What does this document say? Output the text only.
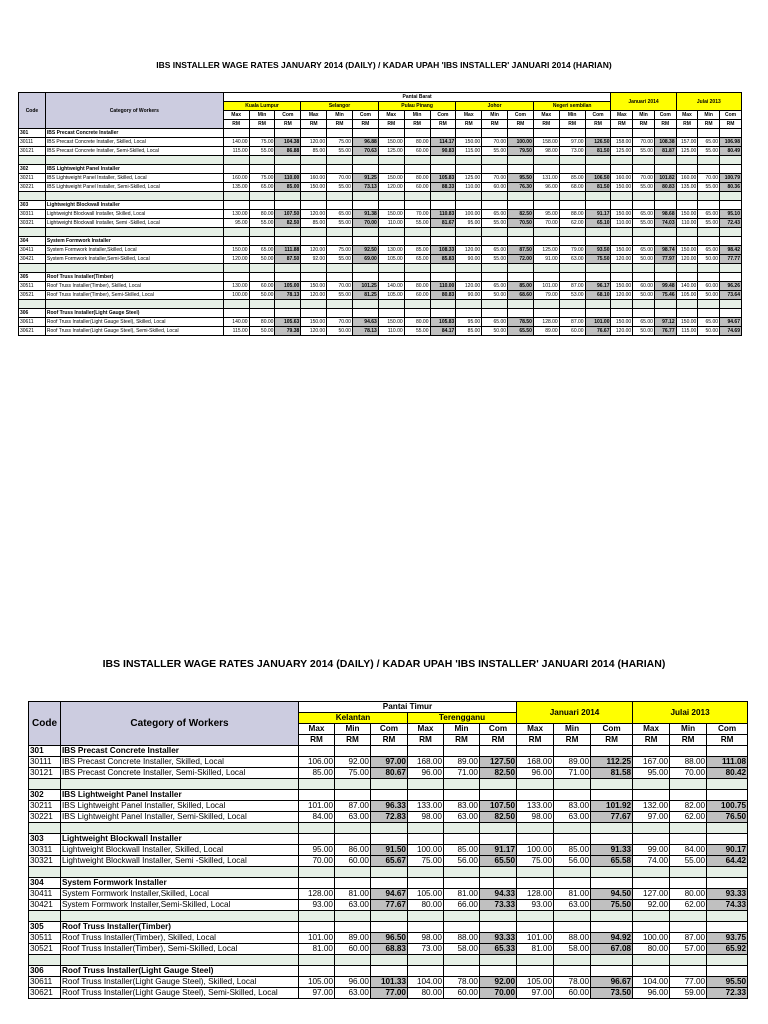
IBS INSTALLER WAGE RATES JANUARY 2014 (DAILY) / KADAR UPAH 'IBS INSTALLER' JANUARI 2014 (HARIAN)
Code	Category of Workers	Pantai Barat															Januari 2014			Julai 2013		
		Kuala Lumpur			Selangor			Pulau Pinang			Johor			Negeri sembilan								
		Max	Min	Com	Max	Min	Com	Max	Min	Com	Max	Min	Com	Max	Min	Com	Max	Min	Com	Max	Min	Com
		RM	RM	RM	RM	RM	RM	RM	RM	RM	RM	RM	RM	RM	RM	RM	RM	RM	RM	RM	RM	RM
301	IBS Precast Concrete Installer																					
30111	IBS Precast Concrete Installer, Skilled, Local	140.00	75.00	104.38	120.00	75.00	96.88	150.00	80.00	114.17	150.00	70.00	100.00	158.00	97.00	126.50	158.00	70.00	108.38	157.00	65.00	106.98
30121	IBS Precast Concrete Installer, Semi-Skilled, Local	115.00	55.00	86.88	85.00	55.00	70.63	125.00	60.00	90.83	115.00	55.00	79.50	98.00	73.00	81.50	125.00	55.00	81.87	125.00	55.00	80.49

302	IBS Lightweight Panel Installer																					
30211	IBS Lightweight Panel Installer, Skilled, Local	160.00	75.00	110.00	160.00	70.00	91.25	150.00	80.00	105.83	125.00	70.00	95.50	131.00	85.00	106.50	160.00	70.00	101.82	160.00	70.00	100.79
30221	IBS Lightweight Panel Installer, Semi-Skilled, Local	135.00	65.00	85.00	150.00	55.00	73.13	120.00	60.00	88.33	110.00	60.00	76.30	96.00	68.00	81.50	150.00	55.00	80.83	135.00	55.00	80.36

303	Lightweight Blockwall Installer																					
30311	Lightweight Blockwall Installer, Skilled, Local	130.00	80.00	107.50	120.00	65.00	91.38	150.00	70.00	110.83	100.00	65.00	82.50	95.00	88.00	91.17	150.00	65.00	98.68	150.00	65.00	95.10
30321	Lightweight Blockwall Installer, Semi -Skilled, Local	95.00	55.00	82.50	85.00	55.00	70.00	110.00	55.00	81.67	95.00	55.00	70.50	70.00	62.00	65.10	110.00	55.00	74.03	110.00	55.00	72.43

304	System Formwork Installer																					
30411	System Formwork Installer,Skilled, Local	150.00	65.00	111.88	120.00	75.00	92.50	130.00	85.00	108.33	120.00	65.00	87.50	125.00	79.00	93.50	150.00	65.00	98.74	150.00	65.00	98.42
30421	System Formwork Installer,Semi-Skilled, Local	120.00	50.00	87.50	92.00	55.00	69.00	105.00	65.00	85.83	90.00	55.00	72.00	91.00	63.00	75.50	120.00	50.00	77.97	120.00	50.00	77.77

305	Roof Truss Installer(Timber)																					
30511	Roof Truss Installer(Timber), Skilled, Local	130.00	60.00	105.00	150.00	70.00	101.25	140.00	80.00	110.00	120.00	65.00	85.00	101.00	87.00	96.17	150.00	60.00	99.48	140.00	60.00	96.26
30521	Roof Truss Installer(Timber), Semi-Skilled, Local	100.00	50.00	78.13	120.00	55.00	81.25	105.00	60.00	80.83	90.00	50.00	68.60	79.00	53.00	68.10	120.00	50.00	75.46	105.00	50.00	73.64

306	Roof Truss Installer(Light Gauge Steel)																					
30611	Roof Truss Installer(Light Gauge Steel), Skilled, Local	140.00	80.00	105.63	150.00	70.00	94.63	150.00	80.00	105.83	95.00	65.00	78.50	128.00	87.00	101.00	150.00	65.00	97.12	150.00	65.00	94.67
30621	Roof Truss Installer(Light Gauge Steel), Semi-Skilled, Local	115.00	50.00	79.38	120.00	50.00	78.13	110.00	55.00	84.17	85.00	50.00	65.50	89.00	60.00	76.67	120.00	50.00	76.77	115.00	50.00	74.69
IBS INSTALLER WAGE RATES JANUARY 2014 (DAILY) / KADAR UPAH 'IBS INSTALLER' JANUARI 2014 (HARIAN)
Code	Category of Workers	Pantai Timur						Januari 2014			Julai 2013		
		Kelantan			Terengganu								
		Max	Min	Com	Max	Min	Com	Max	Min	Com	Max	Min	Com
		RM	RM	RM	RM	RM	RM	RM	RM	RM	RM	RM	RM
301	IBS Precast Concrete Installer												
30111	IBS Precast Concrete Installer, Skilled, Local	106.00	92.00	97.00	168.00	89.00	127.50	168.00	89.00	112.25	167.00	88.00	111.08
30121	IBS Precast Concrete Installer, Semi-Skilled, Local	85.00	75.00	80.67	96.00	71.00	82.50	96.00	71.00	81.58	95.00	70.00	80.42

302	IBS Lightweight Panel Installer												
30211	IBS Lightweight Panel Installer, Skilled, Local	101.00	87.00	96.33	133.00	83.00	107.50	133.00	83.00	101.92	132.00	82.00	100.75
30221	IBS Lightweight Panel Installer, Semi-Skilled, Local	84.00	63.00	72.83	98.00	63.00	82.50	98.00	63.00	77.67	97.00	62.00	76.50

303	Lightweight Blockwall Installer												
30311	Lightweight Blockwall Installer, Skilled, Local	95.00	86.00	91.50	100.00	85.00	91.17	100.00	85.00	91.33	99.00	84.00	90.17
30321	Lightweight Blockwall Installer, Semi -Skilled, Local	70.00	60.00	65.67	75.00	56.00	65.50	75.00	56.00	65.58	74.00	55.00	64.42

304	System Formwork Installer												
30411	System Formwork Installer,Skilled, Local	128.00	81.00	94.67	105.00	81.00	94.33	128.00	81.00	94.50	127.00	80.00	93.33
30421	System Formwork Installer,Semi-Skilled, Local	93.00	63.00	77.67	80.00	66.00	73.33	93.00	63.00	75.50	92.00	62.00	74.33

305	Roof Truss Installer(Timber)												
30511	Roof Truss Installer(Timber), Skilled, Local	101.00	89.00	96.50	98.00	88.00	93.33	101.00	88.00	94.92	100.00	87.00	93.75
30521	Roof Truss Installer(Timber), Semi-Skilled, Local	81.00	60.00	68.83	73.00	58.00	65.33	81.00	58.00	67.08	80.00	57.00	65.92

306	Roof Truss Installer(Light Gauge Steel)												
30611	Roof Truss Installer(Light Gauge Steel), Skilled, Local	105.00	96.00	101.33	104.00	78.00	92.00	105.00	78.00	96.67	104.00	77.00	95.50
30621	Roof Truss Installer(Light Gauge Steel), Semi-Skilled, Local	97.00	63.00	77.00	80.00	60.00	70.00	97.00	60.00	73.50	96.00	59.00	72.33
